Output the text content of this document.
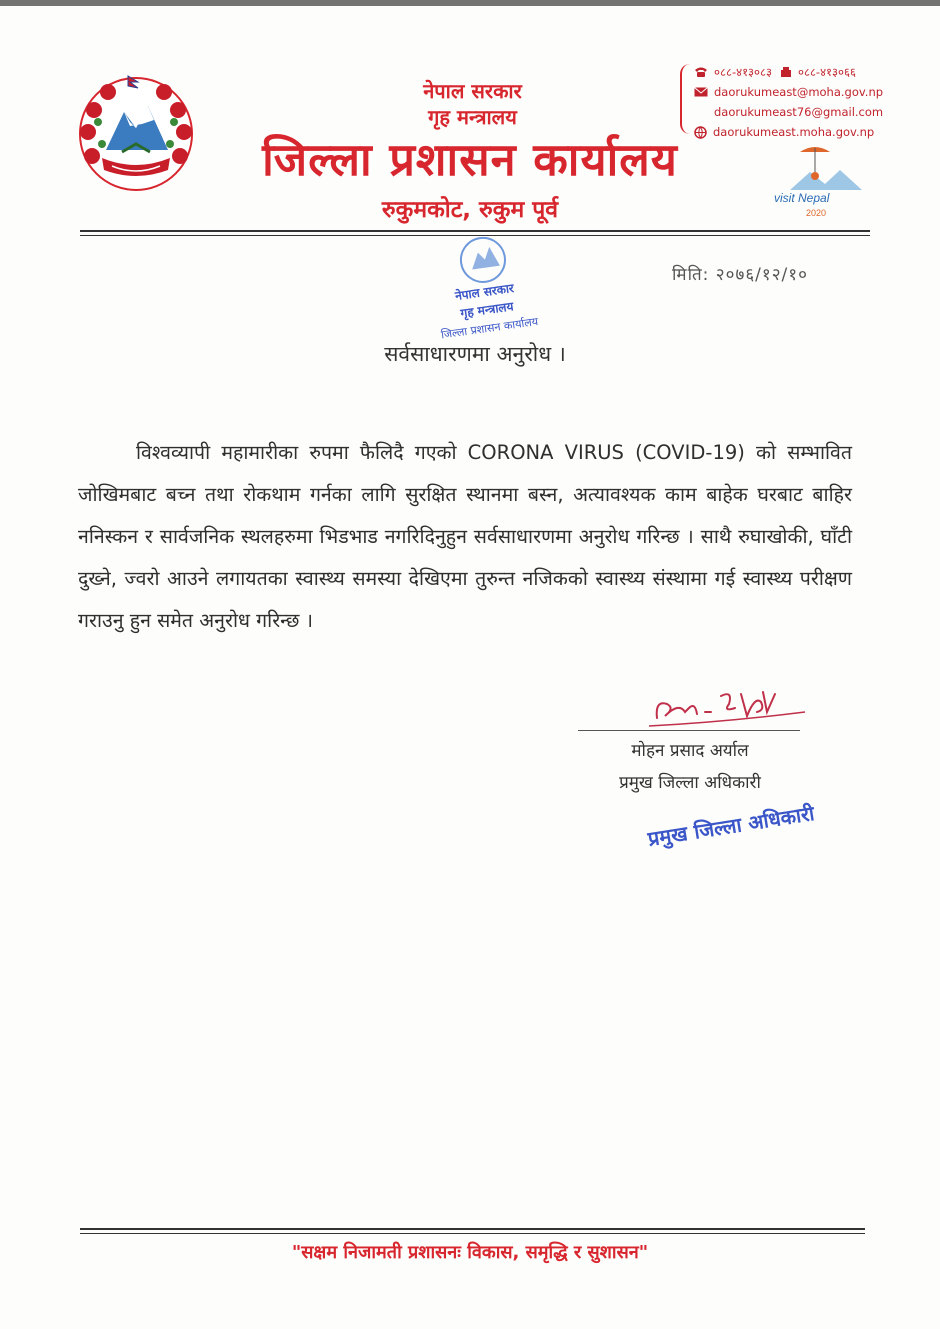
नेपाल सरकार
गृह मन्त्रालय
जिल्ला प्रशासन कार्यालय
रुकुमकोट, रुकुम पूर्व
०८८-४१३०८३ ०८८-४१३०६६
daorukumeast@moha.gov.np
daorukumeast76@gmail.com
daorukumeast.moha.gov.np
visit Nepal
2020
नेपाल सरकार
गृह मन्त्रालय
जिल्ला प्रशासन कार्यालय
मिति: २०७६/१२/१०
सर्वसाधारणमा अनुरोध ।
विश्वव्यापी महामारीका रुपमा फैलिदै गएको CORONA VIRUS (COVID-19) को सम्भावित जोखिमबाट बच्न तथा रोकथाम गर्नका लागि सुरक्षित स्थानमा बस्न, अत्यावश्यक काम बाहेक घरबाट बाहिर ननिस्कन र सार्वजनिक स्थलहरुमा भिडभाड नगरिदिनुहुन सर्वसाधारणमा अनुरोध गरिन्छ । साथै रुघाखोकी, घाँटी दुख्ने, ज्वरो आउने लगायतका स्वास्थ्य समस्या देखिएमा तुरुन्त नजिकको स्वास्थ्य संस्थामा गई स्वास्थ्य परीक्षण गराउनु हुन समेत अनुरोध गरिन्छ ।
मोहन प्रसाद अर्याल
प्रमुख जिल्ला अधिकारी
प्रमुख जिल्ला अधिकारी
"सक्षम निजामती प्रशासनः विकास, समृद्धि र सुशासन"
